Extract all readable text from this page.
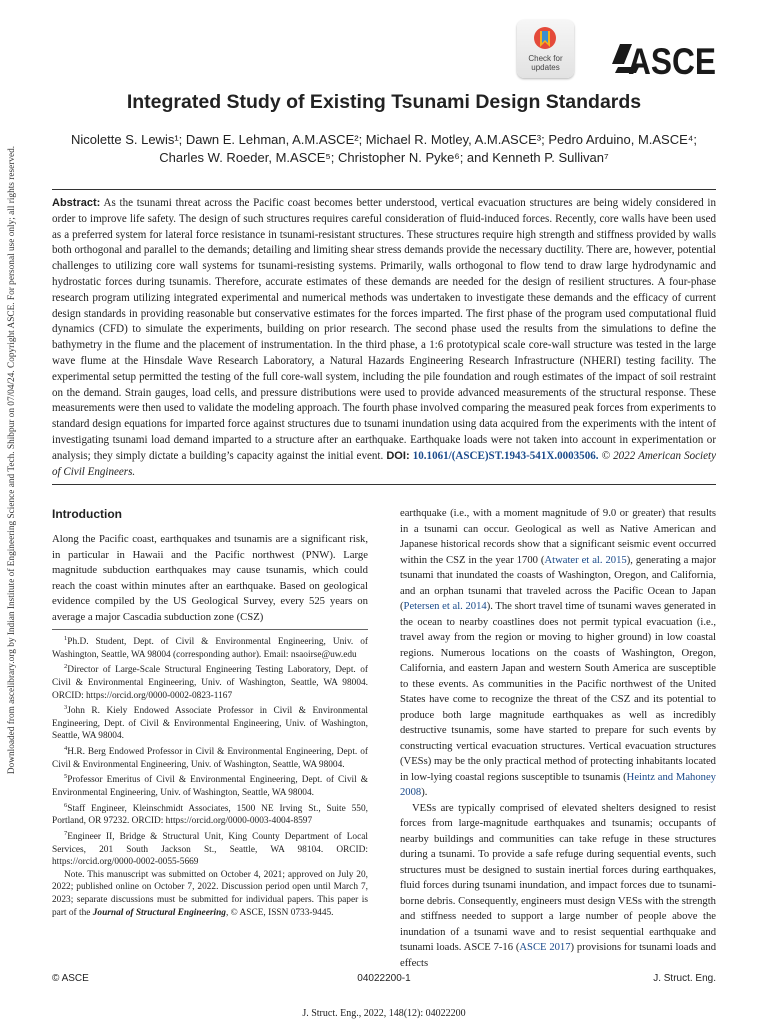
Downloaded from ascelibrary.org by Indian Institute of Engineering Science and Tech. Shibpur on 07/04/24. Copyright ASCE. For personal use only; all rights reserved.
Check for
updates	ASCE
Integrated Study of Existing Tsunami Design Standards
Nicolette S. Lewis¹; Dawn E. Lehman, A.M.ASCE²; Michael R. Motley, A.M.ASCE³; Pedro Arduino, M.ASCE⁴;
Charles W. Roeder, M.ASCE⁵; Christopher N. Pyke⁶; and Kenneth P. Sullivan⁷
Abstract: As the tsunami threat across the Pacific coast becomes better understood, vertical evacuation structures are being widely considered in order to improve life safety. The design of such structures requires careful consideration of fluid-induced forces. Recently, core walls have been used as a preferred system for lateral force resistance in tsunami-resistant structures. These structures require high strength and stiffness provided by walls both orthogonal and parallel to the demands; detailing and limiting shear stress demands provide the necessary ductility. There are, however, potential challenges to utilizing core wall systems for tsunami-resisting systems. Primarily, walls orthogonal to flow tend to draw large hydrodynamic and hydrostatic forces during tsunamis. Therefore, accurate estimates of these demands are needed for the design of resilient structures. A four-phase research program utilizing integrated experimental and numerical methods was undertaken to investigate these demands and the efficacy of current design standards in providing reasonable but conservative estimates for the forces imparted. The first phase of the program used computational fluid dynamics (CFD) to simulate the experiments, building on prior research. The second phase used the results from the simulations to define the bathymetry in the flume and the placement of instrumentation. In the third phase, a 1:6 prototypical scale core-wall structure was tested in the large wave flume at the Hinsdale Wave Research Laboratory, a Natural Hazards Engineering Research Infrastructure (NHERI) testing facility. The experimental setup permitted the testing of the full core-wall system, including the pile foundation and rough estimates of the impact of soil restraint on the demand. Strain gauges, load cells, and pressure distributions were used to provide advanced measurements of the structural response. These measurements were then used to validate the modeling approach. The fourth phase involved comparing the measured peak forces from experiments to standard design equations for imparted force against structures due to tsunami inundation using data acquired from the experiments with the intent of investigating tsunami load demand imparted to a structure after an earthquake. Earthquake loads were not taken into account in experimentation or analysis; they simply dictate a building’s capacity against the initial event. DOI: 10.1061/(ASCE)ST.1943-541X.0003506. © 2022 American Society of Civil Engineers.
Introduction
Along the Pacific coast, earthquakes and tsunamis are a significant risk, in particular in Hawaii and the Pacific northwest (PNW). Large magnitude subduction earthquakes may cause tsunamis, which could reach the coast within minutes after an earthquake. Based on geological evidence compiled by the US Geological Survey, every 525 years on average a major Cascadia subduction zone (CSZ)

$^1$Ph.D. Student, Dept. of Civil & Environmental Engineering, Univ. of Washington, Seattle, WA 98004 (corresponding author). Email: nsaoirse@uw.edu

$^2$Director of Large-Scale Structural Engineering Testing Laboratory, Dept. of Civil & Environmental Engineering, Univ. of Washington, Seattle, WA 98004. ORCID: https://orcid.org/0000-0002-0823-1167

$^3$John R. Kiely Endowed Associate Professor in Civil & Environmental Engineering, Dept. of Civil & Environmental Engineering, Univ. of Washington, Seattle, WA 98004.

$^4$H.R. Berg Endowed Professor in Civil & Environmental Engineering, Dept. of Civil & Environmental Engineering, Univ. of Washington, Seattle, WA 98004.

$^5$Professor Emeritus of Civil & Environmental Engineering, Dept. of Civil & Environmental Engineering, Univ. of Washington, Seattle, WA 98004.

$^6$Staff Engineer, Kleinschmidt Associates, 1500 NE Irving St., Suite 550, Portland, OR 97232. ORCID: https://orcid.org/0000-0003-4004-8597

$^7$Engineer II, Bridge & Structural Unit, King County Department of Local Services, 201 South Jackson St., Seattle, WA 98104. ORCID: https://orcid.org/0000-0002-0055-5669

Note. This manuscript was submitted on October 4, 2021; approved on July 20, 2022; published online on October 7, 2022. Discussion period open until March 7, 2023; separate discussions must be submitted for individual papers. This paper is part of the Journal of Structural Engineering, © ASCE, ISSN 0733-9445.

earthquake (i.e., with a moment magnitude of 9.0 or greater) that results in a tsunami can occur. Geological as well as Native American and Japanese historical records show that a significant seismic event occurred within the CSZ in the year 1700 (Atwater et al. 2015), generating a major tsunami that inundated the coasts of Washington, Oregon, and California, and an orphan tsunami that traveled across the Pacific Ocean to Japan (Petersen et al. 2014). The short travel time of tsunami waves generated in the ocean to nearby coastlines does not permit typical evacuation (i.e., travel away from the region or moving to higher ground) in low coastal regions. Numerous locations on the coasts of Washington, Oregon, California, and eastern Japan and western South America are susceptible to these events. As communities in the Pacific northwest of the United States have come to recognize the threat of the CSZ and its potential to produce both large magnitude earthquakes as well as incredibly destructive tsunamis, some have started to prepare for such events by constructing vertical evacuation structures. Vertical evacuation structures (VESs) may be the only practical method of protecting inhabitants located in low-lying coastal regions susceptible to tsunamis (Heintz and Mahoney 2008).

VESs are typically comprised of elevated shelters designed to resist forces from large-magnitude earthquakes and tsunamis; occupants of nearby buildings and communities can take refuge in these structures during a tsunami. To provide a safe refuge during sequential events, such structures must be designed to sustain inertial forces during earthquakes, fluid forces during tsunami inundation, and impact forces due to tsunami-borne debris. Consequently, engineers must design VESs with the strength and stiffness needed to support a large number of people above the inundation of a tsunami wave and to resist sequential earthquake and tsunami loads. ASCE 7-16 (ASCE 2017) provisions for tsunami loads and effects

© ASCE	04022200-1	J. Struct. Eng.
J. Struct. Eng., 2022, 148(12): 04022200
